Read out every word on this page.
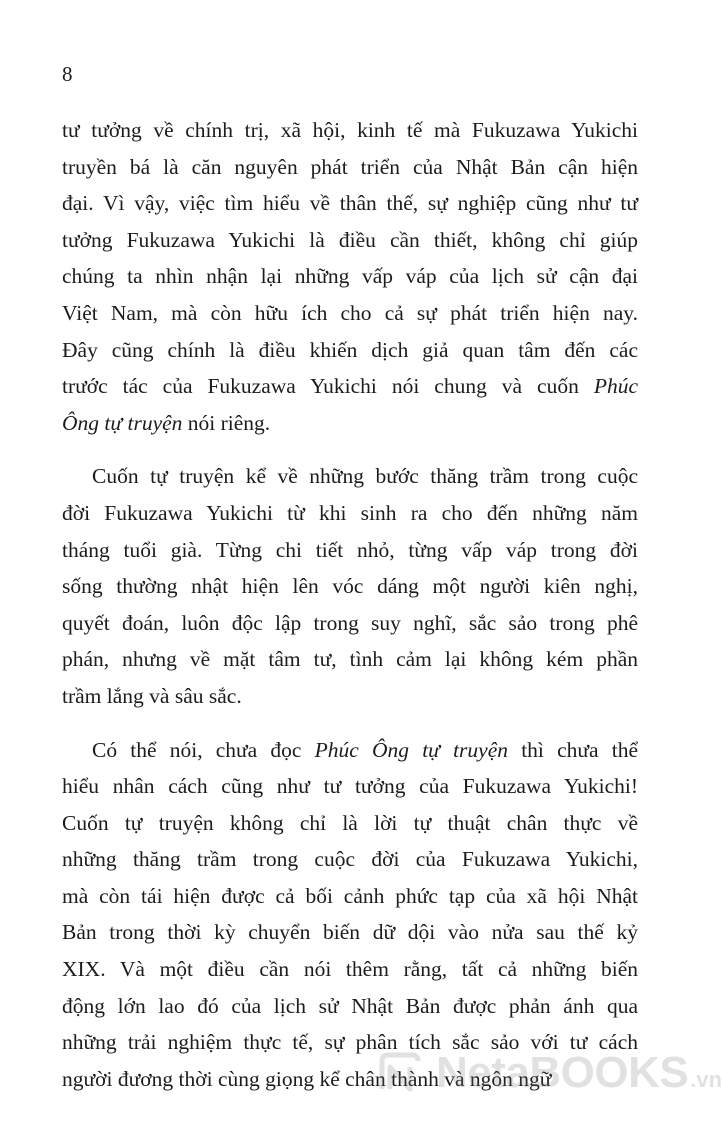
8

tư tưởng về chính trị, xã hội, kinh tế mà Fukuzawa Yukichi
truyền bá là căn nguyên phát triển của Nhật Bản cận hiện
đại. Vì vậy, việc tìm hiểu về thân thế, sự nghiệp cũng như tư
tưởng Fukuzawa Yukichi là điều cần thiết, không chỉ giúp
chúng ta nhìn nhận lại những vấp váp của lịch sử cận đại
Việt Nam, mà còn hữu ích cho cả sự phát triển hiện nay.
Đây cũng chính là điều khiến dịch giả quan tâm đến các
trước tác của Fukuzawa Yukichi nói chung và cuốn Phúc
Ông tự truyện nói riêng.
Cuốn tự truyện kể về những bước thăng trầm trong cuộc
đời Fukuzawa Yukichi từ khi sinh ra cho đến những năm
tháng tuổi già. Từng chi tiết nhỏ, từng vấp váp trong đời
sống thường nhật hiện lên vóc dáng một người kiên nghị,
quyết đoán, luôn độc lập trong suy nghĩ, sắc sảo trong phê
phán, nhưng về mặt tâm tư, tình cảm lại không kém phần
trầm lắng và sâu sắc.
Có thể nói, chưa đọc Phúc Ông tự truyện thì chưa thể
hiểu nhân cách cũng như tư tưởng của Fukuzawa Yukichi!
Cuốn tự truyện không chỉ là lời tự thuật chân thực về
những thăng trầm trong cuộc đời của Fukuzawa Yukichi,
mà còn tái hiện được cả bối cảnh phức tạp của xã hội Nhật
Bản trong thời kỳ chuyển biến dữ dội vào nửa sau thế kỷ
XIX. Và một điều cần nói thêm rằng, tất cả những biến
động lớn lao đó của lịch sử Nhật Bản được phản ánh qua
những trải nghiệm thực tế, sự phân tích sắc sảo với tư cách
người đương thời cùng giọng kể chân thành và ngôn ngữ
NetaBOOKS .vn
